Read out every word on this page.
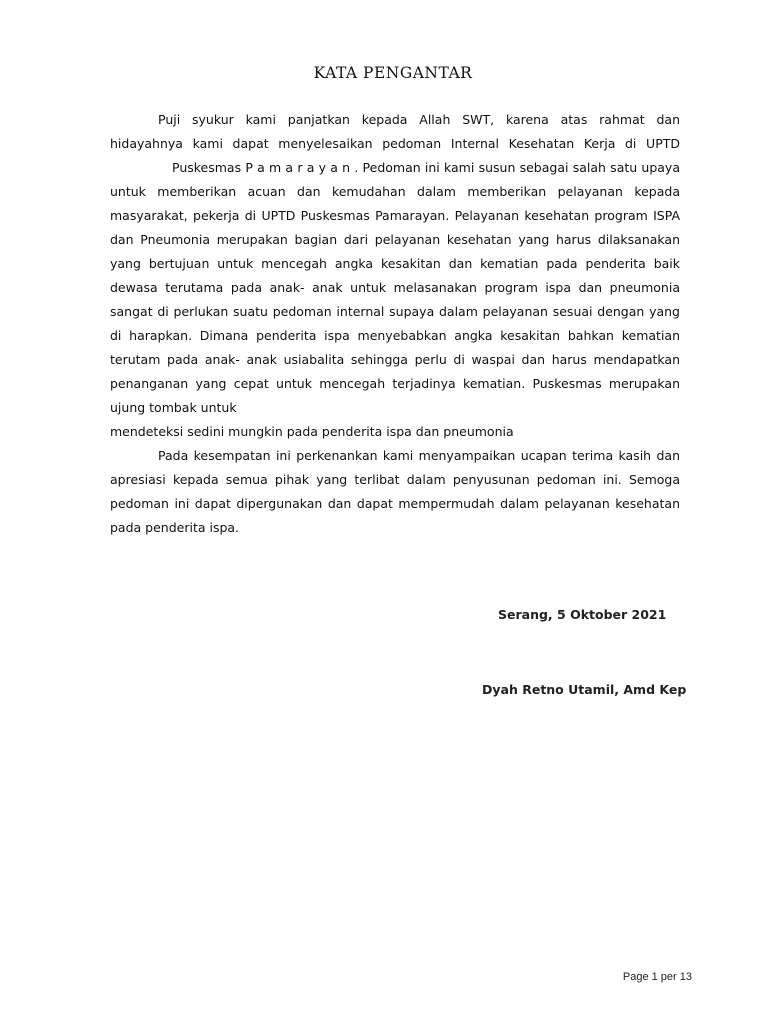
KATA PENGANTAR
Puji syukur kami panjatkan kepada Allah SWT, karena atas rahmat dan
hidayahnya kami dapat menyelesaikan pedoman Internal Kesehatan Kerja di UPTD
Puskesmas P a m a r a y a n . Pedoman ini kami susun sebagai salah satu upaya
untuk memberikan acuan dan kemudahan dalam memberikan pelayanan kepada
masyarakat, pekerja di UPTD Puskesmas Pamarayan. Pelayanan kesehatan program ISPA
dan Pneumonia merupakan bagian dari pelayanan kesehatan yang harus dilaksanakan
yang bertujuan untuk mencegah angka kesakitan dan kematian pada penderita baik
dewasa terutama pada anak- anak untuk melasanakan program ispa dan pneumonia
sangat di perlukan suatu pedoman internal supaya dalam pelayanan sesuai dengan yang
di harapkan. Dimana penderita ispa menyebabkan angka kesakitan bahkan kematian
terutam pada anak- anak usiabalita sehingga perlu di waspai dan harus mendapatkan
penanganan yang cepat untuk mencegah terjadinya kematian. Puskesmas merupakan
ujung tombak untuk
mendeteksi sedini mungkin pada penderita ispa dan pneumonia
Pada kesempatan ini perkenankan kami menyampaikan ucapan terima kasih dan
apresiasi kepada semua pihak yang terlibat dalam penyusunan pedoman ini. Semoga
pedoman ini dapat dipergunakan dan dapat mempermudah dalam pelayanan kesehatan
pada penderita ispa.
Serang, 5 Oktober 2021
Dyah Retno Utamil, Amd Kep
Page 1 per 13
